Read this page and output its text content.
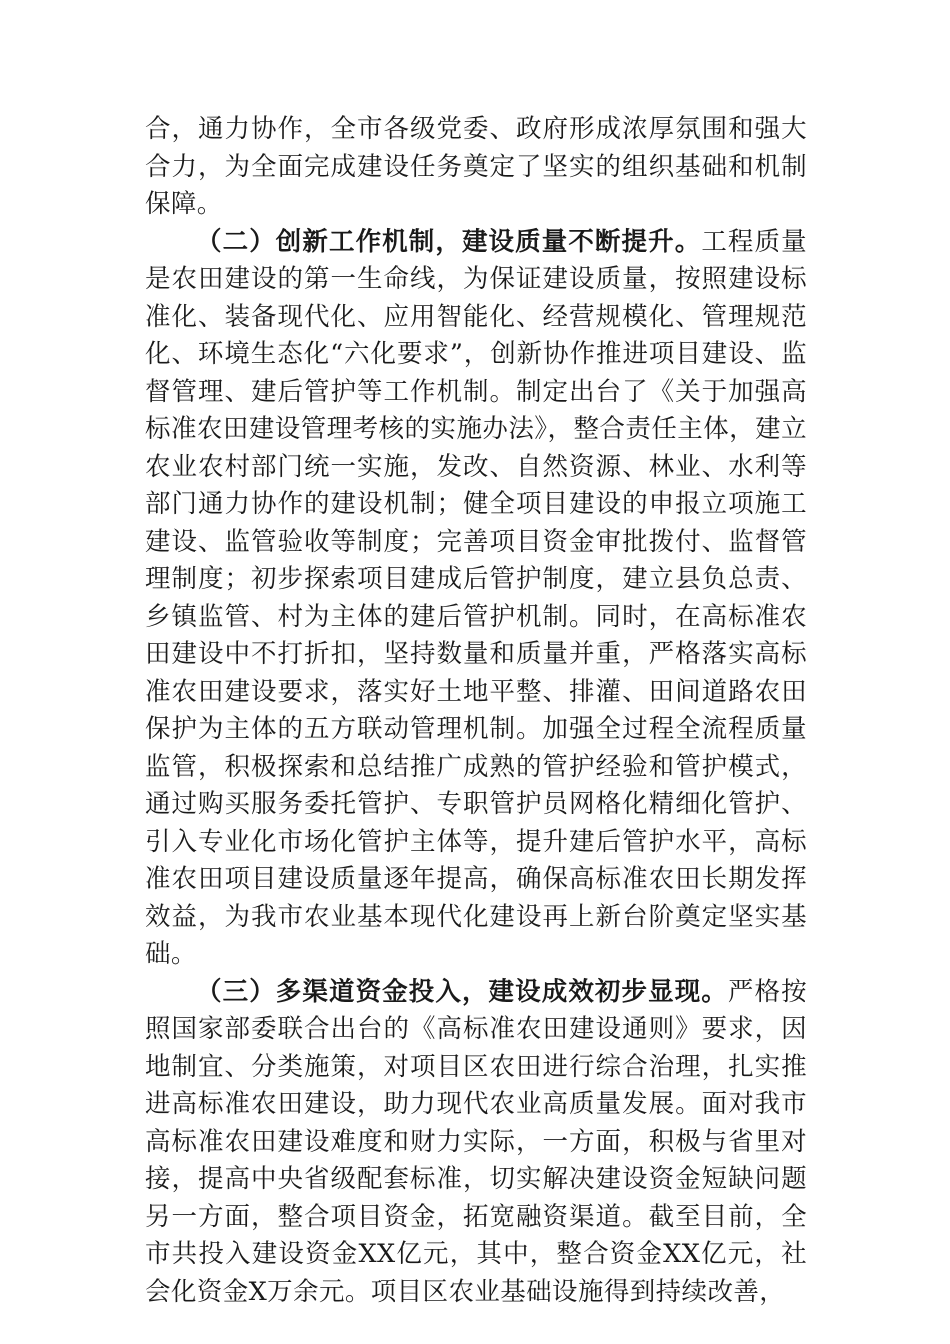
合，通力协作，全市各级党委、政府形成浓厚氛围和强大合力，为全面完成建设任务奠定了坚实的组织基础和机制保障。

（二）创新工作机制，建设质量不断提升。工程质量是农田建设的第一生命线，为保证建设质量，按照建设标准化、装备现代化、应用智能化、经营规模化、管理规范化、环境生态化“六化要求”，创新协作推进项目建设、监督管理、建后管护等工作机制。制定出台了《关于加强高标准农田建设管理考核的实施办法》，整合责任主体，建立农业农村部门统一实施，发改、自然资源、林业、水利等部门通力协作的建设机制；健全项目建设的申报立项施工建设、监管验收等制度；完善项目资金审批拨付、监督管理制度；初步探索项目建成后管护制度，建立县负总责、乡镇监管、村为主体的建后管护机制。同时，在高标准农田建设中不打折扣，坚持数量和质量并重，严格落实高标准农田建设要求，落实好土地平整、排灌、田间道路农田保护为主体的五方联动管理机制。加强全过程全流程质量监管，积极探索和总结推广成熟的管护经验和管护模式，通过购买服务委托管护、专职管护员网格化精细化管护、引入专业化市场化管护主体等，提升建后管护水平，高标准农田项目建设质量逐年提高，确保高标准农田长期发挥效益，为我市农业基本现代化建设再上新台阶奠定坚实基础。

（三）多渠道资金投入，建设成效初步显现。严格按照国家部委联合出台的《高标准农田建设通则》要求，因地制宜、分类施策，对项目区农田进行综合治理，扎实推进高标准农田建设，助力现代农业高质量发展。面对我市高标准农田建设难度和财力实际，一方面，积极与省里对接，提高中央省级配套标准，切实解决建设资金短缺问题另一方面，整合项目资金，拓宽融资渠道。截至目前，全市共投入建设资金XX亿元，其中，整合资金XX亿元，社会化资金X万余元。项目区农业基础设施得到持续改善，
